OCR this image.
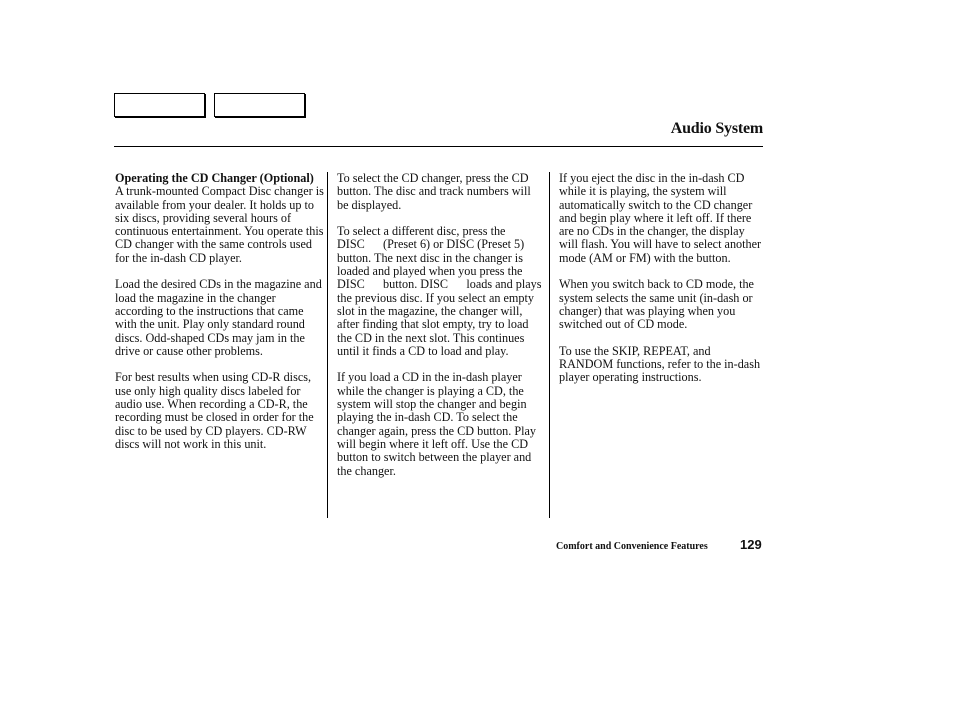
Audio System

Operating the CD Changer (Optional)

A trunk-mounted Compact Disc changer is available from your dealer. It holds up to six discs, providing several hours of continuous entertainment. You operate this CD changer with the same controls used for the in-dash CD player.

Load the desired CDs in the magazine and load the magazine in the changer according to the instructions that came with the unit. Play only standard round discs. Odd-shaped CDs may jam in the drive or cause other problems.

For best results when using CD-R discs, use only high quality discs labeled for audio use. When recording a CD-R, the recording must be closed in order for the disc to be used by CD players. CD-RW discs will not work in this unit.

To select the CD changer, press the CD button. The disc and track numbers will be displayed.

To select a different disc, press the DISC  (Preset 6) or DISC (Preset 5) button. The next disc in the changer is loaded and played when you press the DISC  button. DISC  loads and plays the previous disc. If you select an empty slot in the magazine, the changer will, after finding that slot empty, try to load the CD in the next slot. This continues until it finds a CD to load and play.

If you load a CD in the in-dash player while the changer is playing a CD, the system will stop the changer and begin playing the in-dash CD. To select the changer again, press the CD button. Play will begin where it left off. Use the CD button to switch between the player and the changer.

If you eject the disc in the in-dash CD while it is playing, the system will automatically switch to the CD changer and begin play where it left off. If there are no CDs in the changer, the display will flash. You will have to select another mode (AM or FM) with the button.

When you switch back to CD mode, the system selects the same unit (in-dash or changer) that was playing when you switched out of CD mode.

To use the SKIP, REPEAT, and RANDOM functions, refer to the in-dash player operating instructions.

Comfort and Convenience Features 129
